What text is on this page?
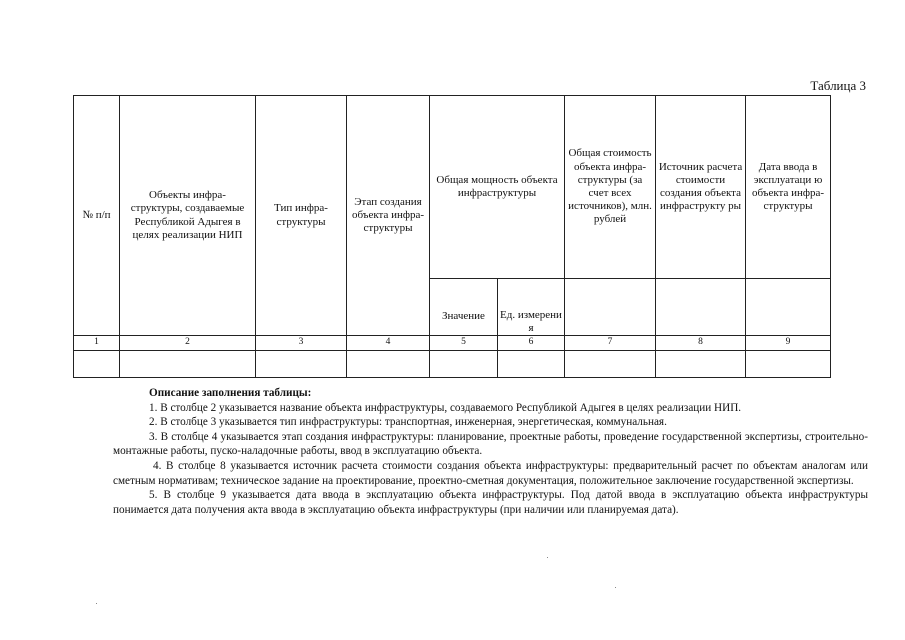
Таблица 3
№ п/п	Объекты инфра- структуры, создаваемые Республикой Адыгея в целях реализации НИП	Тип инфра- структуры	Этап создания объекта инфра- структуры	Общая мощность объекта инфраструктуры		Общая стоимость объекта инфра- структуры (за счет всех источников), млн. рублей	Источник расчета стоимости создания объекта инфраструкту ры	Дата ввода в эксплуатаци ю объекта инфра- структуры
				Значение	Ед. измерени я			
1	2	3	4	5	6	7	8	9

Описание заполнения таблицы:

1. В столбце 2 указывается название объекта инфраструктуры, создаваемого Республикой Адыгея в целях реализации НИП.

2. В столбце 3 указывается тип инфраструктуры: транспортная, инженерная, энергетическая, коммунальная.

3. В столбце 4 указывается этап создания инфраструктуры: планирование, проектные работы, проведение государственной экспертизы, строительно-монтажные работы, пуско-наладочные работы, ввод в эксплуатацию объекта.

4. В столбце 8 указывается источник расчета стоимости создания объекта инфраструктуры: предварительный расчет по объектам аналогам или сметным нормативам; техническое задание на проектирование, проектно-сметная документация, положительное заключение государственной экспертизы.

5. В столбце 9 указывается дата ввода в эксплуатацию объекта инфраструктуры. Под датой ввода в эксплуатацию объекта инфраструктуры понимается дата получения акта ввода в эксплуатацию объекта инфраструктуры (при наличии или планируемая дата).
